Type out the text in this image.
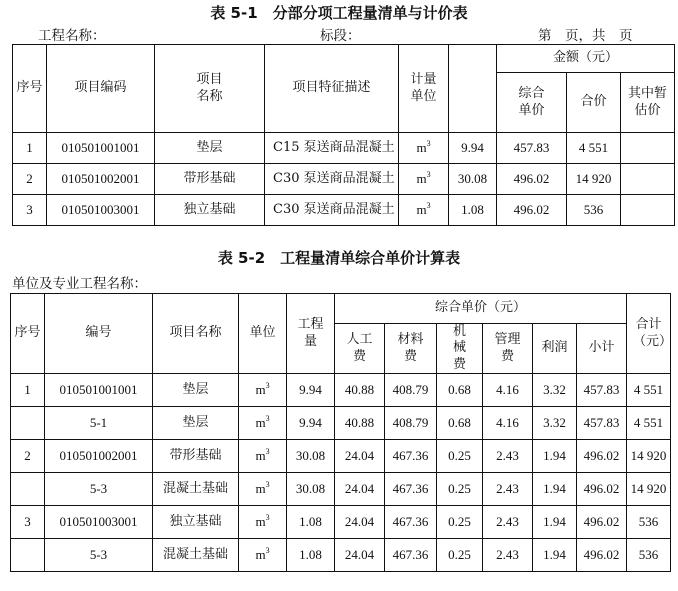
表 5-1　分部分项工程量清单与计价表
工程名称：	标段：	第　页，共　页
序号	项目编码	项目名称	项目特征描述	计量单位		金额（元）		
						综合单价	合价	其中暂估价
1	010501001001	垫层	C15 泵送商品混凝土	$m^3$	9.94	457.83	4 551	
2	010501002001	带形基础	C30 泵送商品混凝土	$m^3$	30.08	496.02	14 920	
3	010501003001	独立基础	C30 泵送商品混凝土	$m^3$	1.08	496.02	536	
表 5-2　工程量清单综合单价计算表
单位及专业工程名称：
序号	编号	项目名称	单位	工程量	综合单价（元）						合计（元）
					人工费	材料费	机械费	管理费	利润	小计	
1	010501001001	垫层	$m^3$	9.94	40.88	408.79	0.68	4.16	3.32	457.83	4 551
	5-1	垫层	$m^3$	9.94	40.88	408.79	0.68	4.16	3.32	457.83	4 551
2	010501002001	带形基础	$m^3$	30.08	24.04	467.36	0.25	2.43	1.94	496.02	14 920
	5-3	混凝土基础	$m^3$	30.08	24.04	467.36	0.25	2.43	1.94	496.02	14 920
3	010501003001	独立基础	$m^3$	1.08	24.04	467.36	0.25	2.43	1.94	496.02	536
	5-3	混凝土基础	$m^3$	1.08	24.04	467.36	0.25	2.43	1.94	496.02	536
